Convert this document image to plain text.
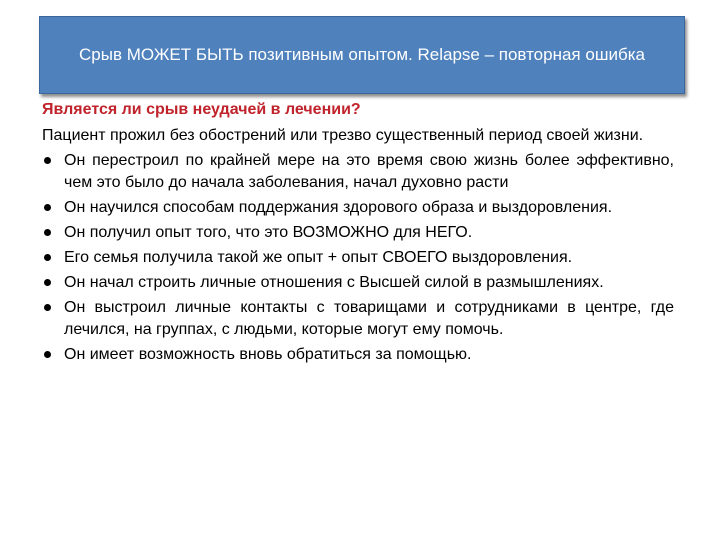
Срыв МОЖЕТ БЫТЬ позитивным опытом. Relapse – повторная ошибка

Является ли срыв неудачей в лечении?

Пациент прожил без обострений или трезво существенный период своей жизни.

Он перестроил по крайней мере на это время свою жизнь более эффективно, чем это было до начала заболевания, начал духовно расти
Он научился способам поддержания здорового образа и выздоровления.
Он получил опыт того, что это ВОЗМОЖНО для НЕГО.
Его семья получила такой же опыт + опыт СВОЕГО выздоровления.
Он начал строить личные отношения с Высшей силой в размышлениях.
Он выстроил личные контакты с товарищами и сотрудниками в центре, где лечился, на группах, с людьми, которые могут ему помочь.
Он имеет возможность вновь обратиться за помощью.
